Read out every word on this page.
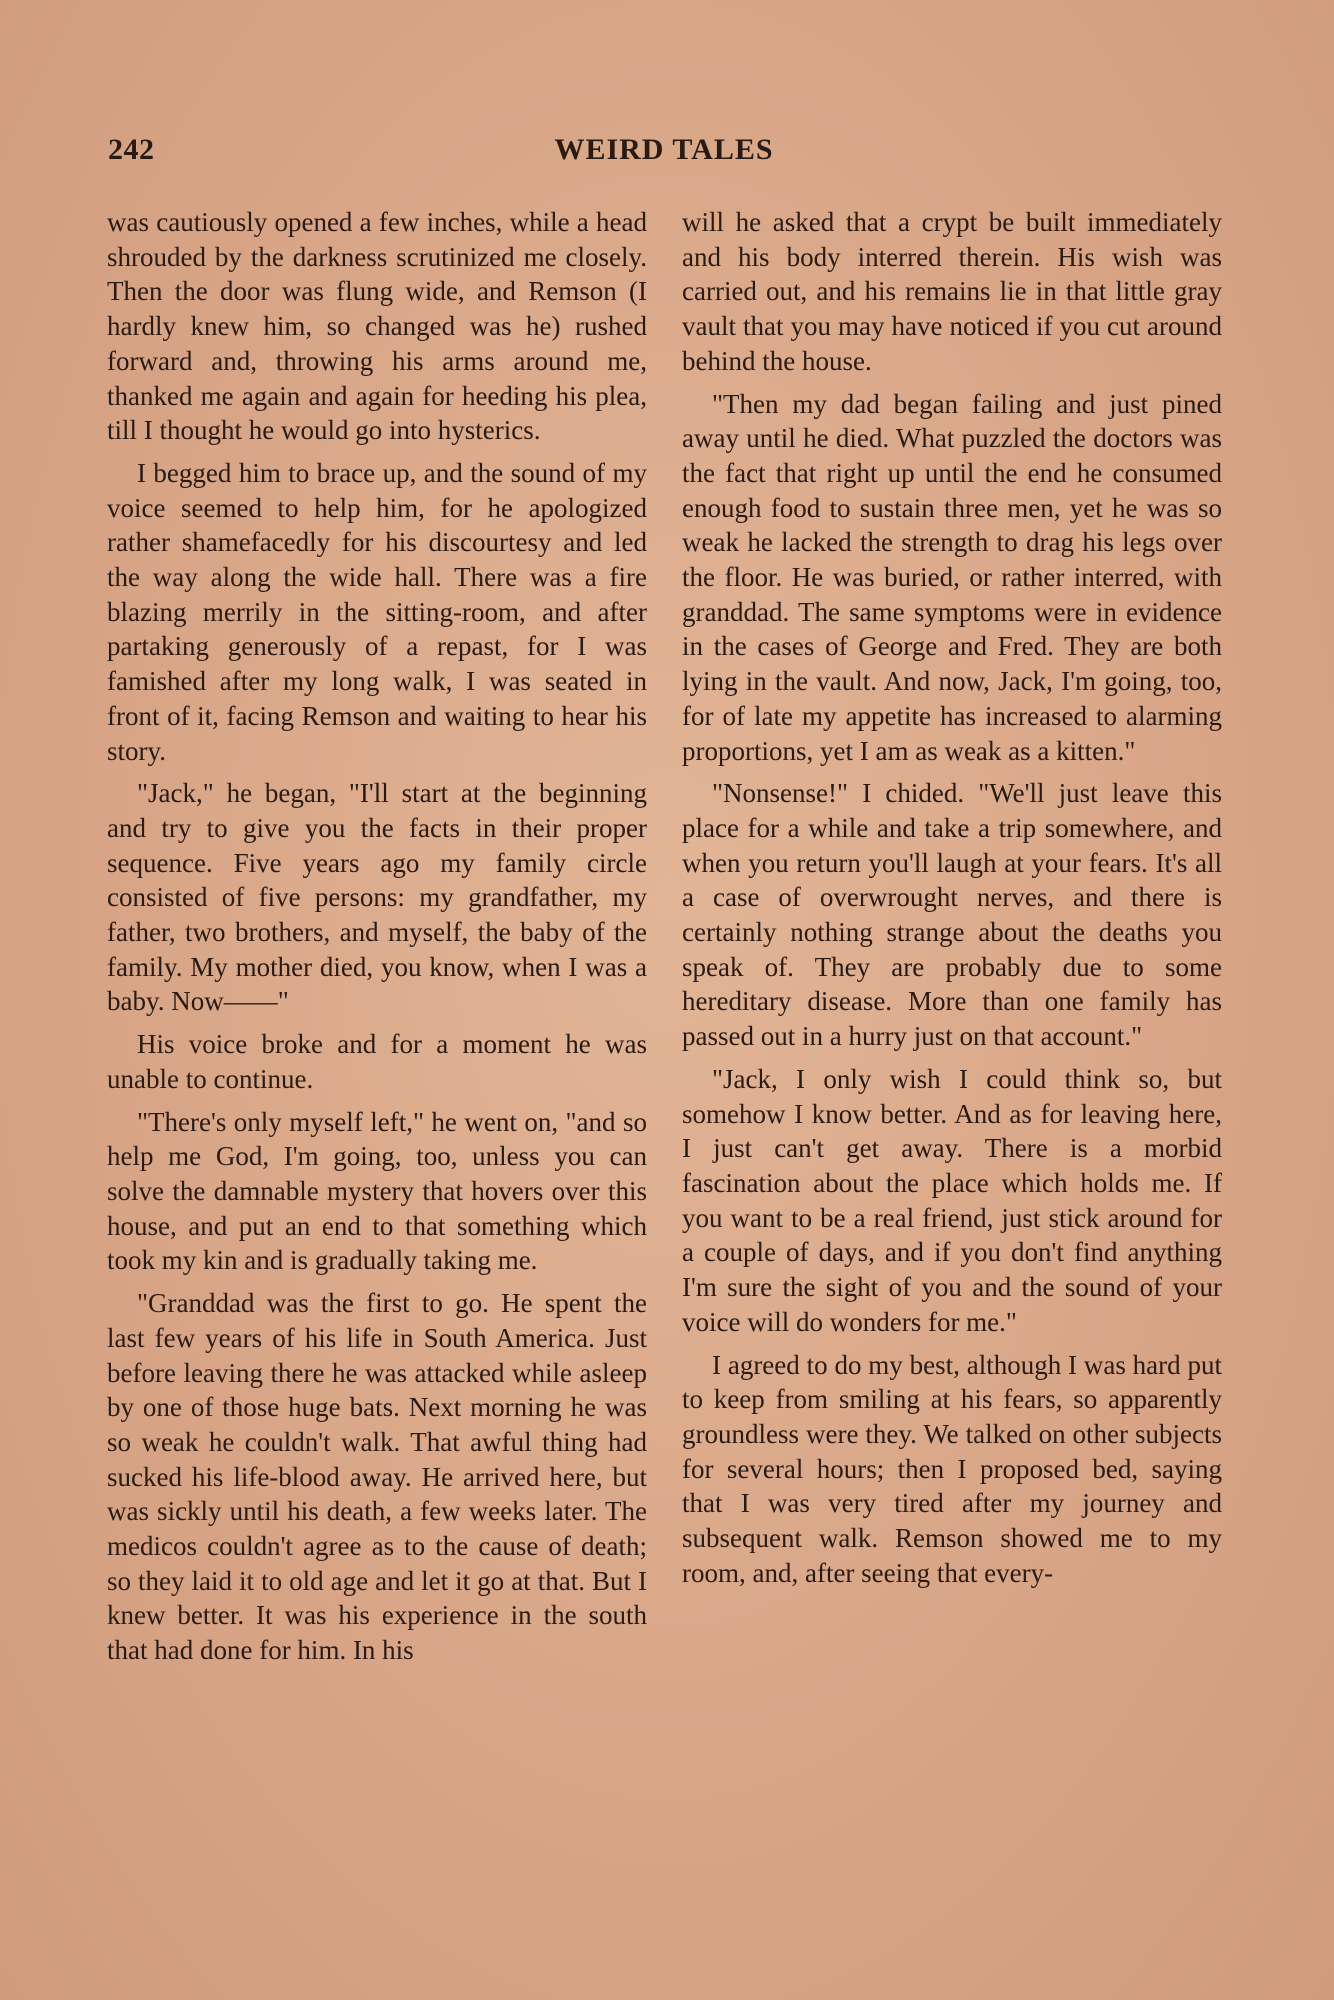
242	WEIRD TALES

was cautiously opened a few inches, while a head shrouded by the darkness scrutinized me closely. Then the door was flung wide, and Remson (I hardly knew him, so changed was he) rushed forward and, throwing his arms around me, thanked me again and again for heeding his plea, till I thought he would go into hysterics.

I begged him to brace up, and the sound of my voice seemed to help him, for he apologized rather shamefacedly for his discourtesy and led the way along the wide hall. There was a fire blazing merrily in the sitting-room, and after partaking generously of a repast, for I was famished after my long walk, I was seated in front of it, facing Remson and waiting to hear his story.

"Jack," he began, "I'll start at the beginning and try to give you the facts in their proper sequence. Five years ago my family circle consisted of five persons: my grandfather, my father, two brothers, and myself, the baby of the family. My mother died, you know, when I was a baby. Now——"

His voice broke and for a moment he was unable to continue.

"There's only myself left," he went on, "and so help me God, I'm going, too, unless you can solve the damnable mystery that hovers over this house, and put an end to that something which took my kin and is gradually taking me.

"Granddad was the first to go. He spent the last few years of his life in South America. Just before leaving there he was attacked while asleep by one of those huge bats. Next morning he was so weak he couldn't walk. That awful thing had sucked his life-blood away. He arrived here, but was sickly until his death, a few weeks later. The medicos couldn't agree as to the cause of death; so they laid it to old age and let it go at that. But I knew better. It was his experience in the south that had done for him. In his

will he asked that a crypt be built immediately and his body interred therein. His wish was carried out, and his remains lie in that little gray vault that you may have noticed if you cut around behind the house.

"Then my dad began failing and just pined away until he died. What puzzled the doctors was the fact that right up until the end he consumed enough food to sustain three men, yet he was so weak he lacked the strength to drag his legs over the floor. He was buried, or rather interred, with granddad. The same symptoms were in evidence in the cases of George and Fred. They are both lying in the vault. And now, Jack, I'm going, too, for of late my appetite has increased to alarming proportions, yet I am as weak as a kitten."

"Nonsense!" I chided. "We'll just leave this place for a while and take a trip somewhere, and when you return you'll laugh at your fears. It's all a case of overwrought nerves, and there is certainly nothing strange about the deaths you speak of. They are probably due to some hereditary disease. More than one family has passed out in a hurry just on that account."

"Jack, I only wish I could think so, but somehow I know better. And as for leaving here, I just can't get away. There is a morbid fascination about the place which holds me. If you want to be a real friend, just stick around for a couple of days, and if you don't find anything I'm sure the sight of you and the sound of your voice will do wonders for me."

I agreed to do my best, although I was hard put to keep from smiling at his fears, so apparently groundless were they. We talked on other subjects for several hours; then I proposed bed, saying that I was very tired after my journey and subsequent walk. Remson showed me to my room, and, after seeing that every-
